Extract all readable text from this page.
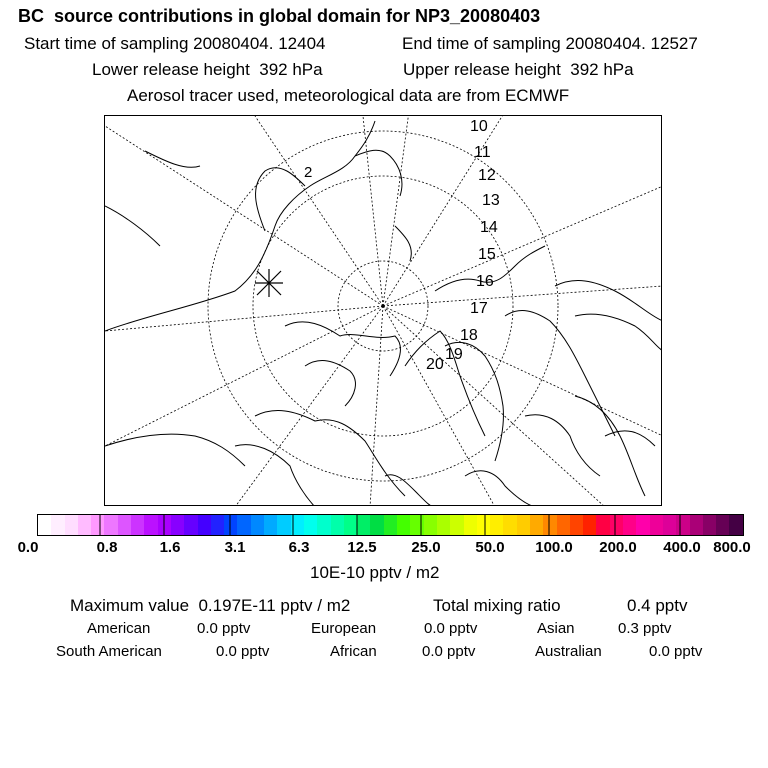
BC  source contributions in global domain for NP3_20080403
Start time of sampling 20080404. 12404	End time of sampling 20080404. 12527
Lower release height  392 hPa	Upper release height  392 hPa
Aerosol tracer used, meteorological data are from ECMWF
2
10
11
12
13
14
15
16
17
18
19
20
0.0	0.8	1.6	3.1	6.3	12.5 25.0 50.0 100.0 200.0 400.0 800.0
10E-10 pptv / m2
Maximum value  0.197E-11 pptv / m2	Total mixing ratio	0.4 pptv
American	0.0 pptv	European	0.0 pptv	Asian	0.3 pptv
South American	0.0 pptv	African	0.0 pptv	Australian	0.0 pptv
